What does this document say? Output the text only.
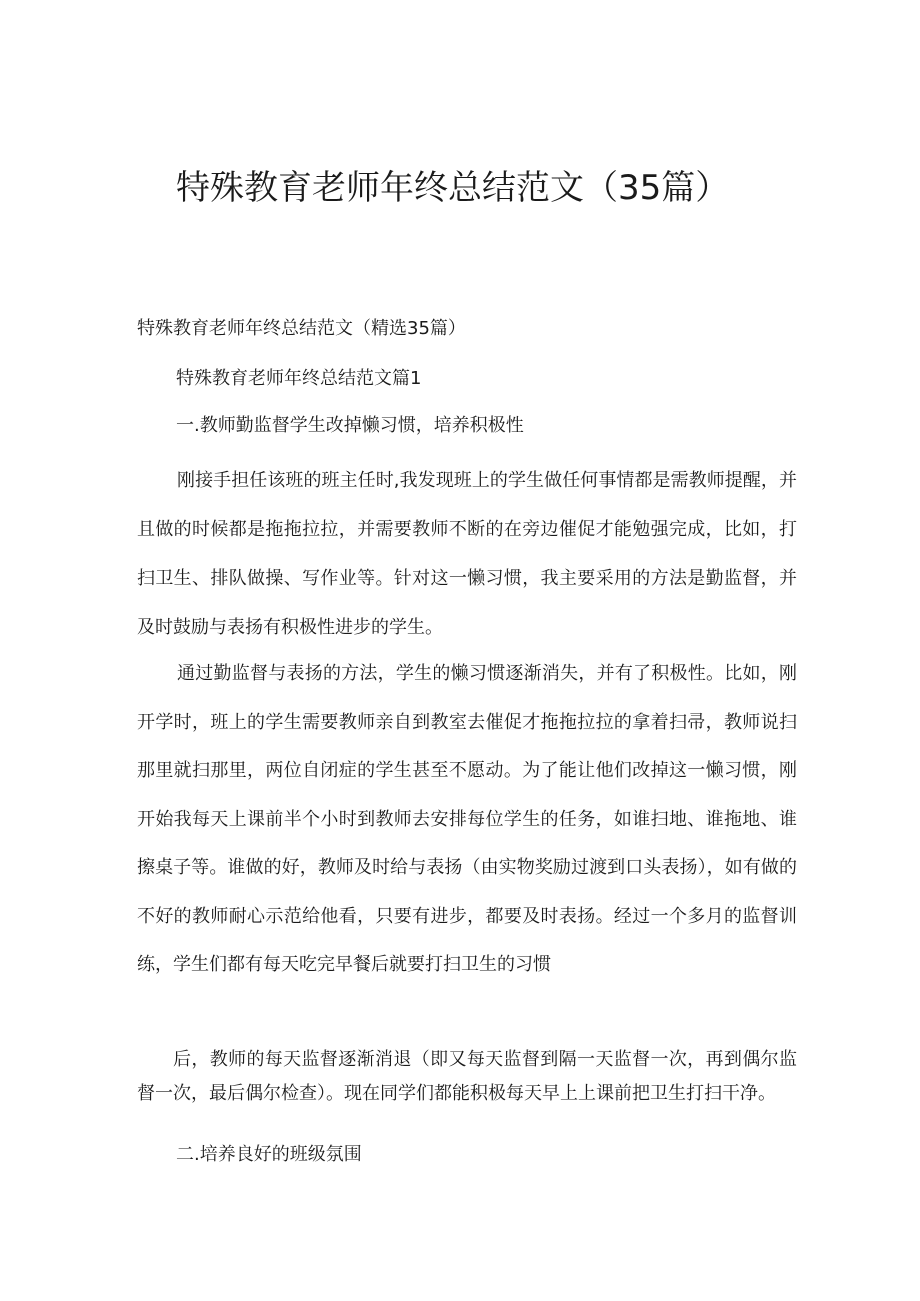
特殊教育老师年终总结范文（35篇）

特殊教育老师年终总结范文（精选35篇）

特殊教育老师年终总结范文篇1

一.教师勤监督学生改掉懒习惯，培养积极性

刚接手担任该班的班主任时,我发现班上的学生做任何事情都是需教师提醒，并且做的时候都是拖拖拉拉，并需要教师不断的在旁边催促才能勉强完成，比如，打扫卫生、排队做操、写作业等。针对这一懒习惯，我主要采用的方法是勤监督，并及时鼓励与表扬有积极性进步的学生。

通过勤监督与表扬的方法，学生的懒习惯逐渐消失，并有了积极性。比如，刚开学时，班上的学生需要教师亲自到教室去催促才拖拖拉拉的拿着扫帚，教师说扫那里就扫那里，两位自闭症的学生甚至不愿动。为了能让他们改掉这一懒习惯，刚开始我每天上课前半个小时到教师去安排每位学生的任务，如谁扫地、谁拖地、谁擦桌子等。谁做的好，教师及时给与表扬（由实物奖励过渡到口头表扬），如有做的不好的教师耐心示范给他看，只要有进步，都要及时表扬。经过一个多月的监督训练，学生们都有每天吃完早餐后就要打扫卫生的习惯

后，教师的每天监督逐渐消退（即又每天监督到隔一天监督一次，再到偶尔监督一次，最后偶尔检查）。现在同学们都能积极每天早上上课前把卫生打扫干净。

二.培养良好的班级氛围
